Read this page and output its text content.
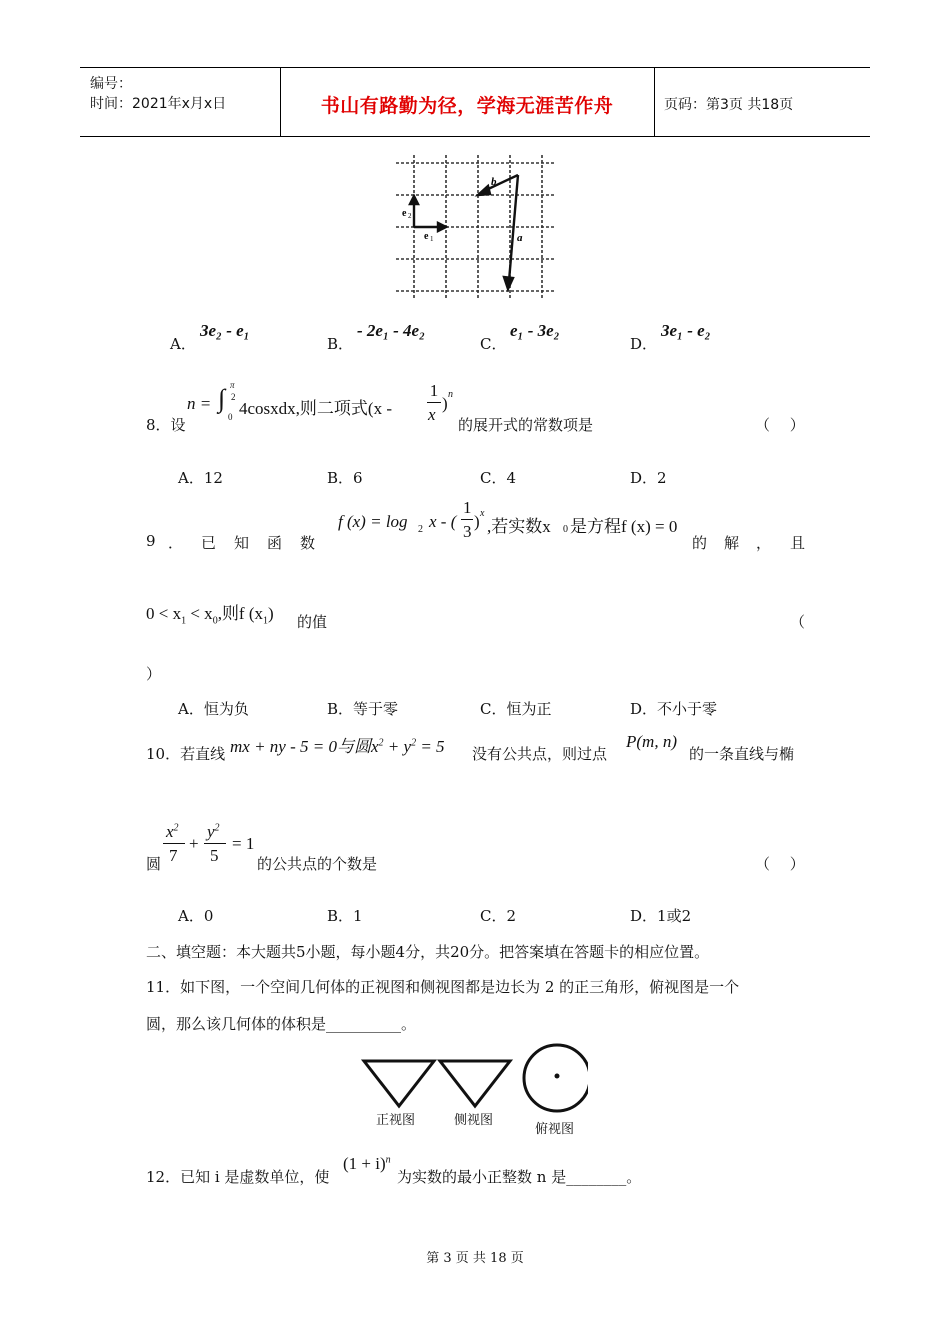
编号：
时间：2021年x月x日	书山有路勤为径，学海无涯苦作舟	页码：第3页 共18页
b
a
e 1
e 2
A．
3e₂ - e₁
B．
- 2e₁ - 4e₂
C．
e₁ - 3e₂
D．
3e₁ - e₂
8．设
n = ∫ π
2
0 4cosxdx,则二项式(x -
1
x
) n
的展开式的常数项是	（　 ）
A．12	B．6	C．4	D．2
9 ． 已 知 函 数
f (x) = log 2 x - (
1
3
) x
,若实数x 0 是方程f (x) = 0
的 解 ， 且
$0 < x_1 < x_0$,则f $(x_1)$ 的值	（
）
A．恒为负	B．等于零	C．恒为正	D．不小于零
10．若直线 mx + ny - 5 = 0与圆$x^2 + y^2 = 5$ 没有公共点，则过点
P(m, n)
的一条直线与椭
圆
$x^2$
7
+
$y^2$
5
= 1
的公共点的个数是	（　 ）
A．0	B．1	C．2	D．1或2
二、填空题：本大题共5小题，每小题4分，共20分。把答案填在答题卡的相应位置。
11．如下图，一个空间几何体的正视图和侧视图都是边长为 2 的正三角形，俯视图是一个
圆，那么该几何体的体积是__________。
正视图	侧视图
俯视图
12．已知 i 是虚数单位，使
$(1 + i)^n$
为实数的最小正整数 n 是________。
第 3 页 共 18 页
